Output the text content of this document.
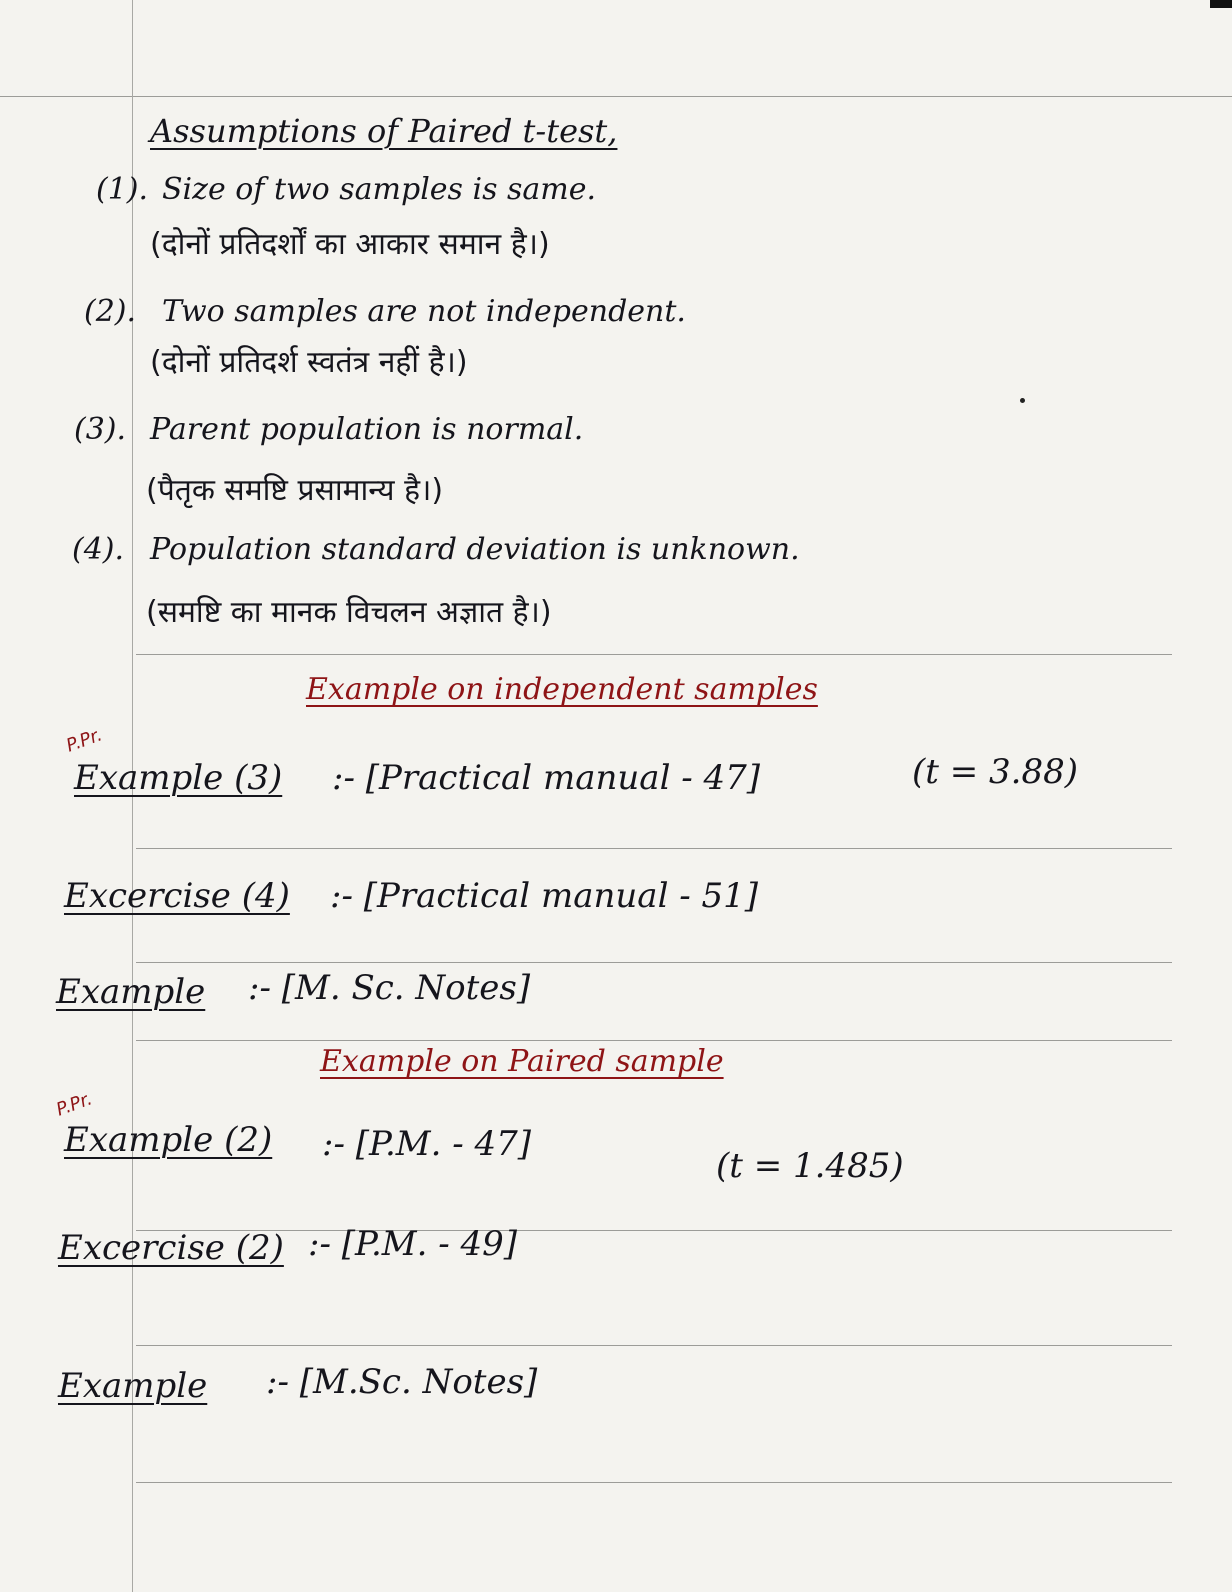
Assumptions of Paired t-test,
(1). Size of two samples is same.
(दोनों प्रतिदर्शों का आकार समान है।)
(2). Two samples are not independent.
(दोनों प्रतिदर्श स्वतंत्र नहीं है।)
(3). Parent population is normal.
(पैतृक समष्टि प्रसामान्य है।)
(4). Population standard deviation is unknown.
(समष्टि का मानक विचलन अज्ञात है।)
Example on independent samples
P.Pr.
Example (3) :- [Practical manual - 47]	(t = 3.88)
Excercise (4) :- [Practical manual - 51]
Example :- [M. Sc. Notes]
Example on Paired sample
P.Pr.
Example (2) :- [P.M. - 47]
(t = 1.485)
Excercise (2) :- [P.M. - 49]
Example :- [M.Sc. Notes]
